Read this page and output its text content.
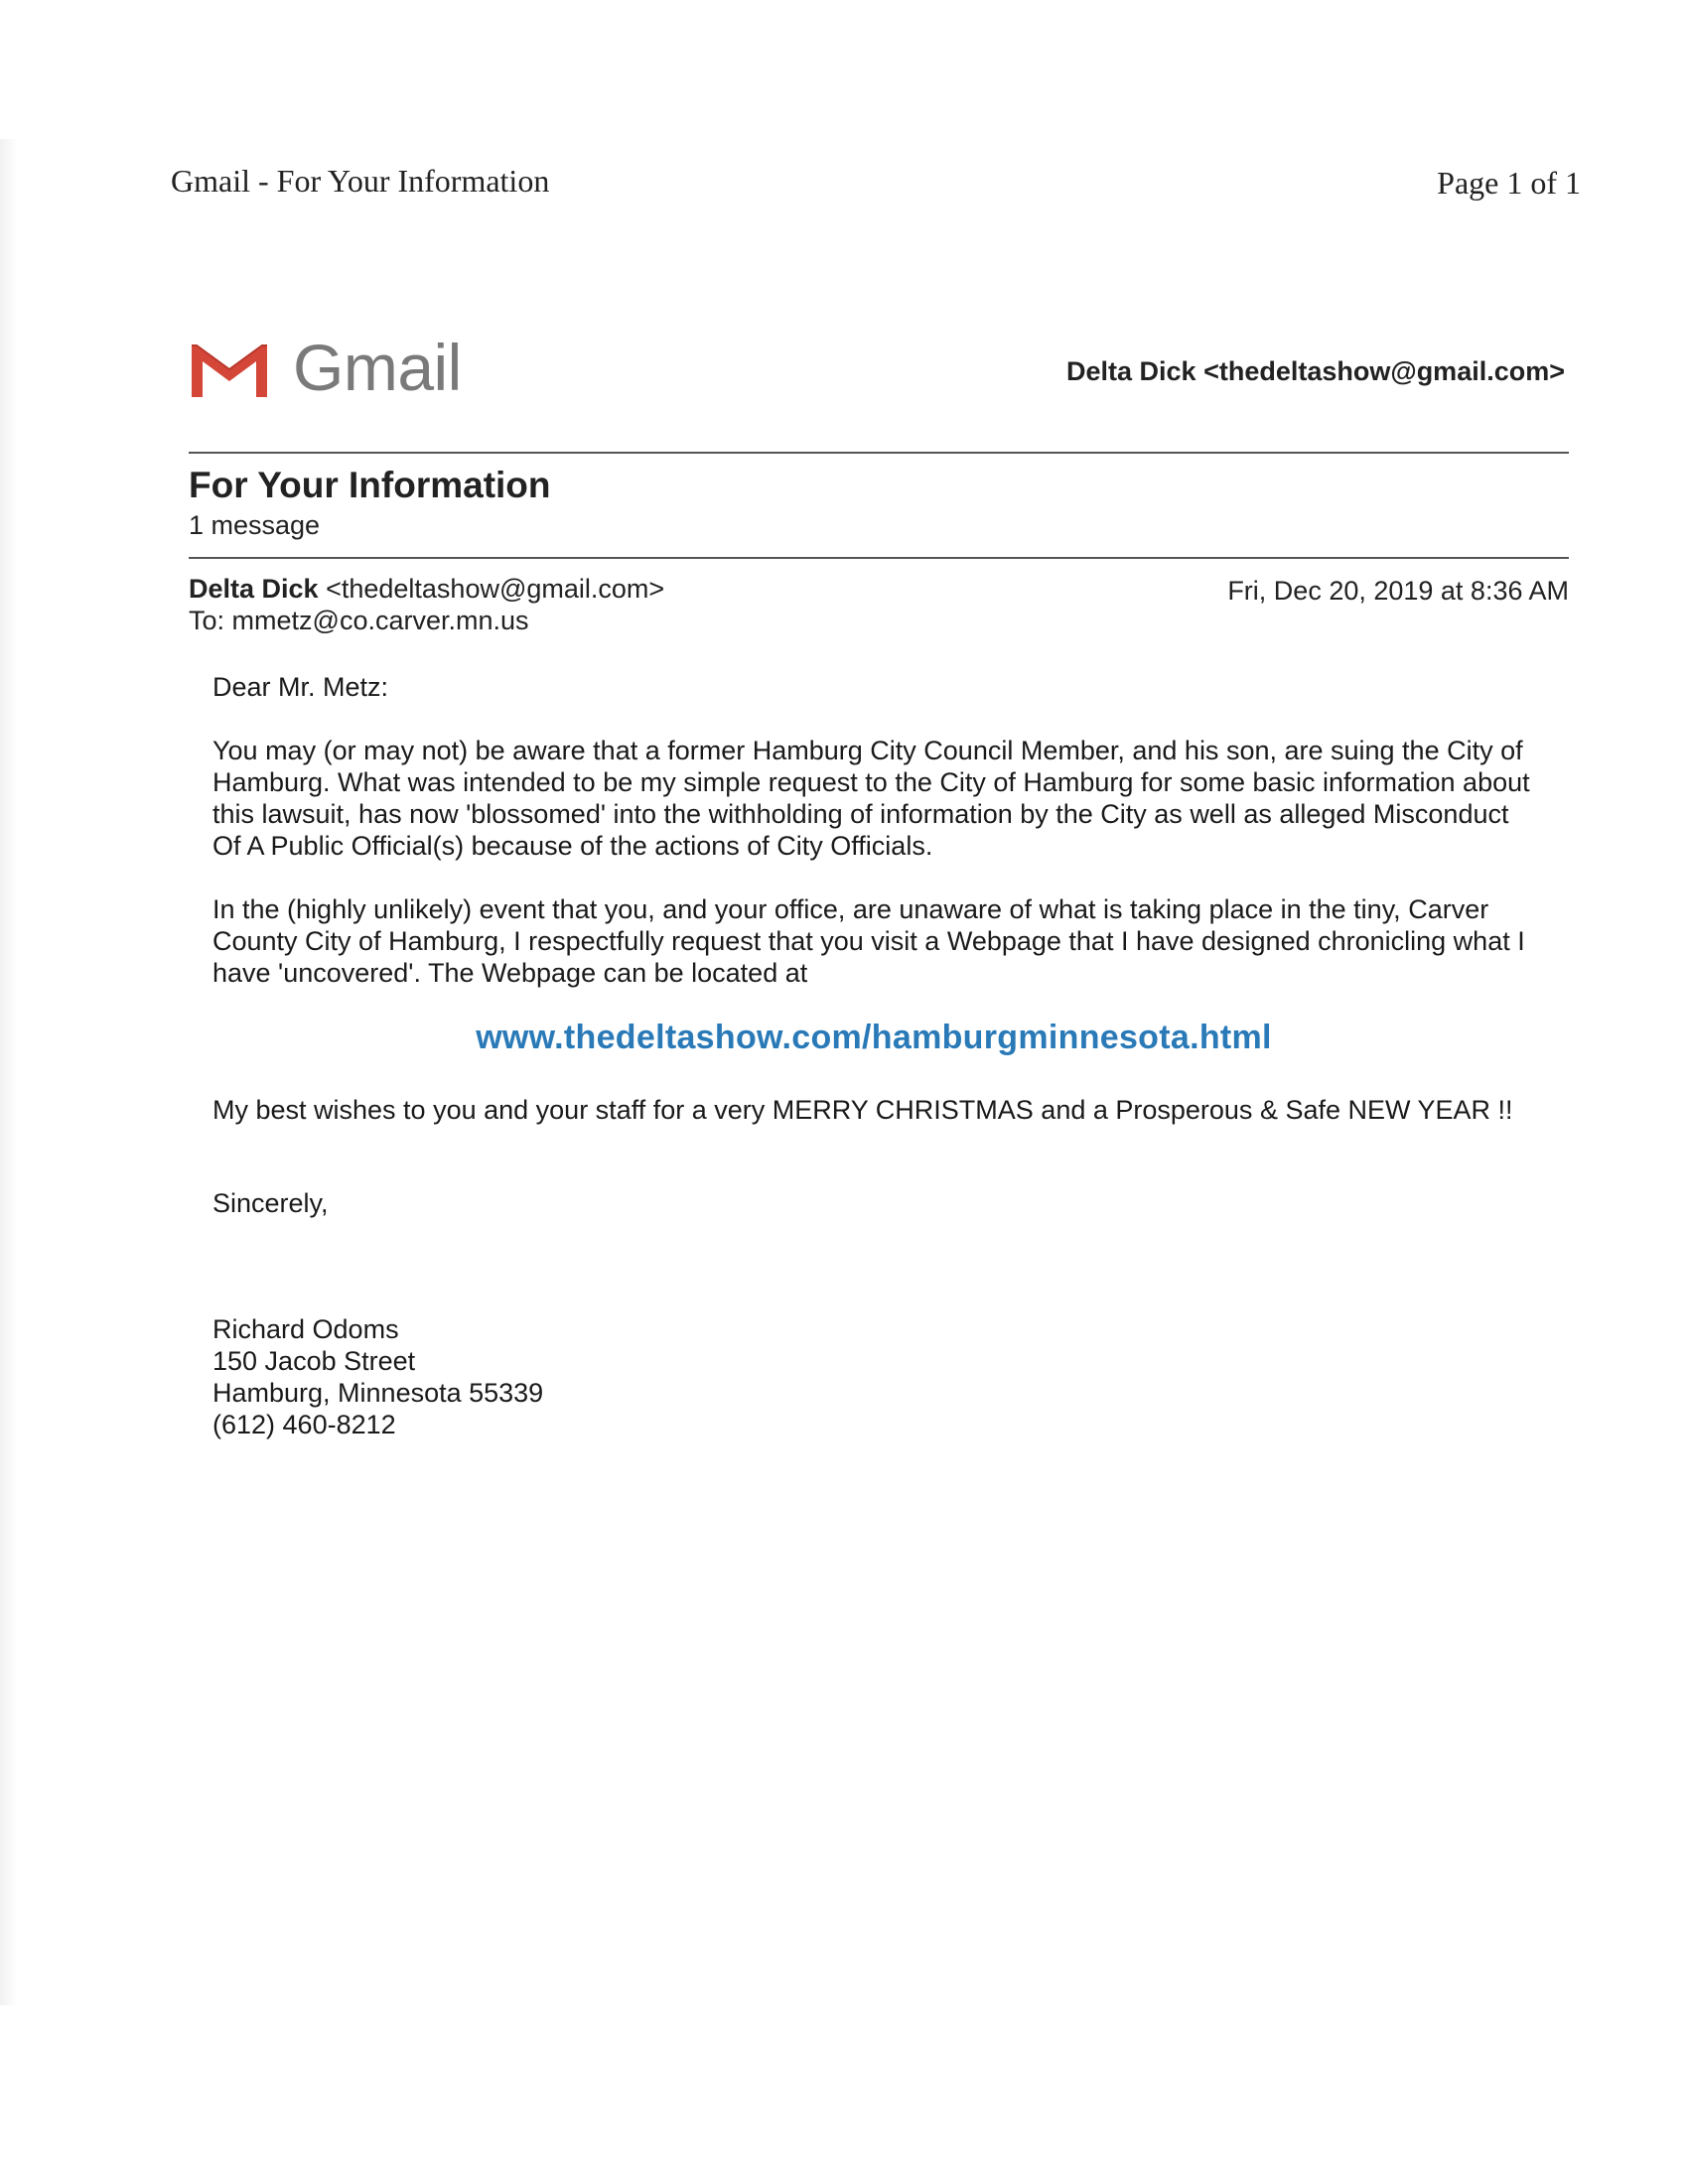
Gmail - For Your Information	Page 1 of 1
Gmail	Delta Dick <thedeltashow@gmail.com>
For Your Information
1 message
Delta Dick <thedeltashow@gmail.com>
To: mmetz@co.carver.mn.us
Fri, Dec 20, 2019 at 8:36 AM

Dear Mr. Metz:

You may (or may not) be aware that a former Hamburg City Council Member, and his son, are suing the City of Hamburg. What was intended to be my simple request to the City of Hamburg for some basic information about this lawsuit, has now 'blossomed' into the withholding of information by the City as well as alleged Misconduct Of A Public Official(s) because of the actions of City Officials.

In the (highly unlikely) event that you, and your office, are unaware of what is taking place in the tiny, Carver County City of Hamburg, I respectfully request that you visit a Webpage that I have designed chronicling what I have 'uncovered'. The Webpage can be located at

www.thedeltashow.com/hamburgminnesota.html

My best wishes to you and your staff for a very MERRY CHRISTMAS and a Prosperous & Safe NEW YEAR !!

Sincerely,

Richard Odoms
150 Jacob Street
Hamburg, Minnesota 55339
(612) 460-8212
